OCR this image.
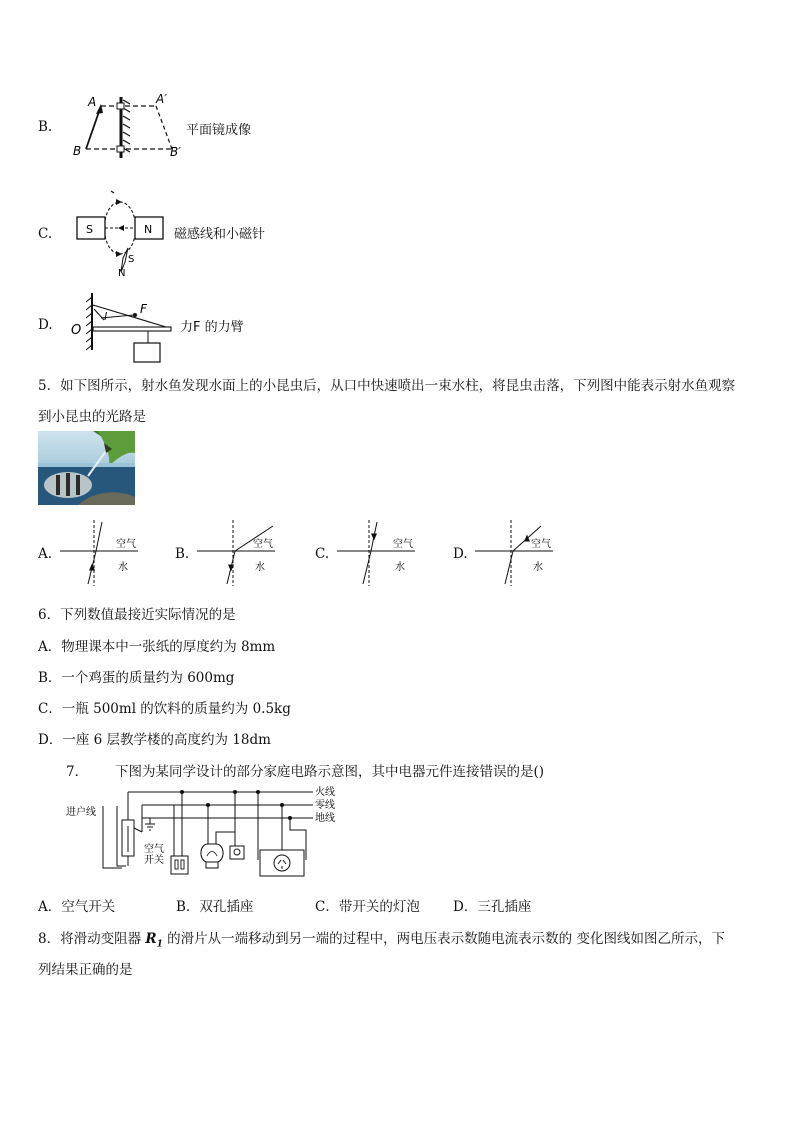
B.
A
B
A′
B′
平面镜成像
C.	S	N
S
N
磁感线和小磁针
D. O
l
F
力F 的力臂
5．如下图所示，射水鱼发现水面上的小昆虫后，从口中快速喷出一束水柱，将昆虫击落，下列图中能表示射水鱼观察
到小昆虫的光路是
A.
空气
水
B.
空气
水
C.
空气
水
D.
空气
水
6．下列数值最接近实际情况的是
A．物理课本中一张纸的厚度约为 8mm
B．一个鸡蛋的质量约为 600mg
C．一瓶 500ml 的饮料的质量约为 0.5kg
D．一座 6 层教学楼的高度约为 18dm
7． 下图为某同学设计的部分家庭电路示意图，其中电器元件连接错误的是()
进户线
火线
零线
地线
空气
开关
A．空气开关	B．双孔插座	C．带开关的灯泡 D．三孔插座
8．将滑动变阻器 $R_1$ 的滑片从一端移动到另一端的过程中，两电压表示数随电流表示数的 变化图线如图乙所示，下
列结果正确的是
